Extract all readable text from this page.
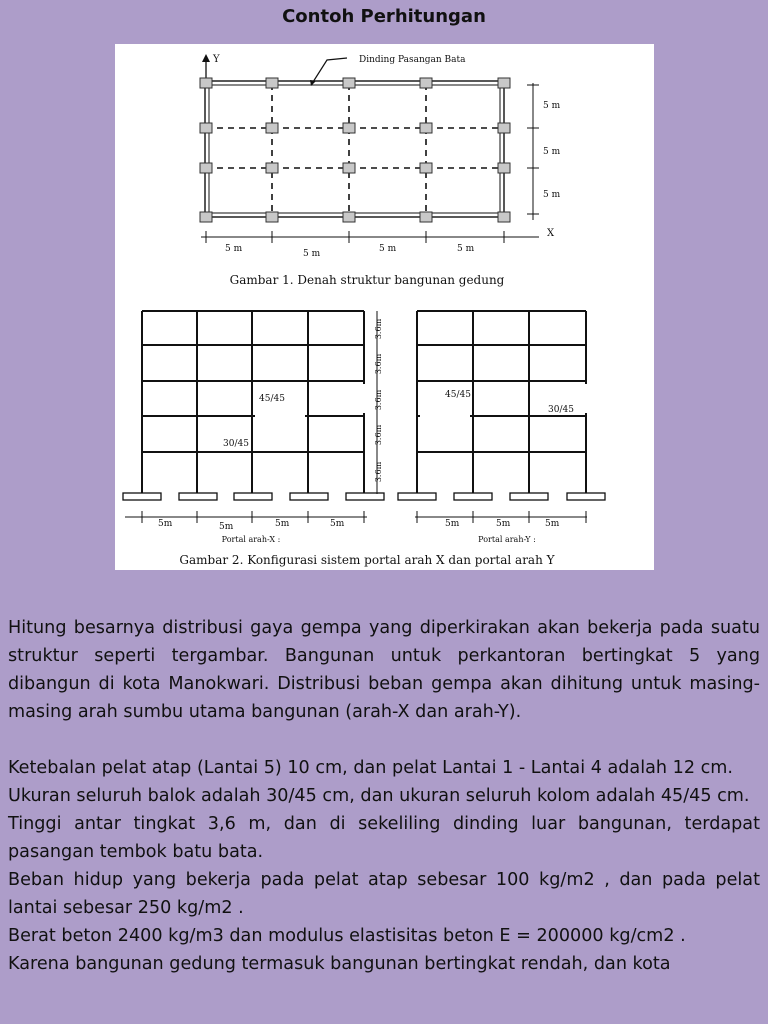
Contoh Perhitungan
Y	Dinding Pasangan Bata
X
5 m
5 m
5 m
5 m	5 m	5 m	5 m
Gambar 1. Denah struktur bangunan gedung
3.6m
3.6m
3.6m
3.6m
3.6m
45/45
30/45
45/45
30/45
5m	5m	5m	5m
Portal arah-X :
5m	5m	5m
Portal arah-Y :
Gambar 2. Konfigurasi sistem portal arah X dan portal arah Y

Hitung besarnya distribusi gaya gempa yang diperkirakan akan bekerja pada suatu struktur seperti tergambar. Bangunan untuk perkantoran bertingkat 5 yang dibangun di kota Manokwari. Distribusi beban gempa akan dihitung untuk masing-masing arah sumbu utama bangunan (arah-X dan arah-Y).

Ketebalan pelat atap (Lantai 5) 10 cm, dan pelat Lantai 1 - Lantai 4 adalah 12 cm.

Ukuran seluruh balok adalah 30/45 cm, dan ukuran seluruh kolom adalah 45/45 cm.

Tinggi antar tingkat 3,6 m, dan di sekeliling dinding luar bangunan, terdapat pasangan tembok batu bata.

Beban hidup yang bekerja pada pelat atap sebesar 100 kg/m2 , dan pada pelat lantai sebesar 250 kg/m2 .

Berat beton 2400 kg/m3 dan modulus elastisitas beton E = 200000 kg/cm2 .

Karena bangunan gedung termasuk bangunan bertingkat rendah, dan kota
